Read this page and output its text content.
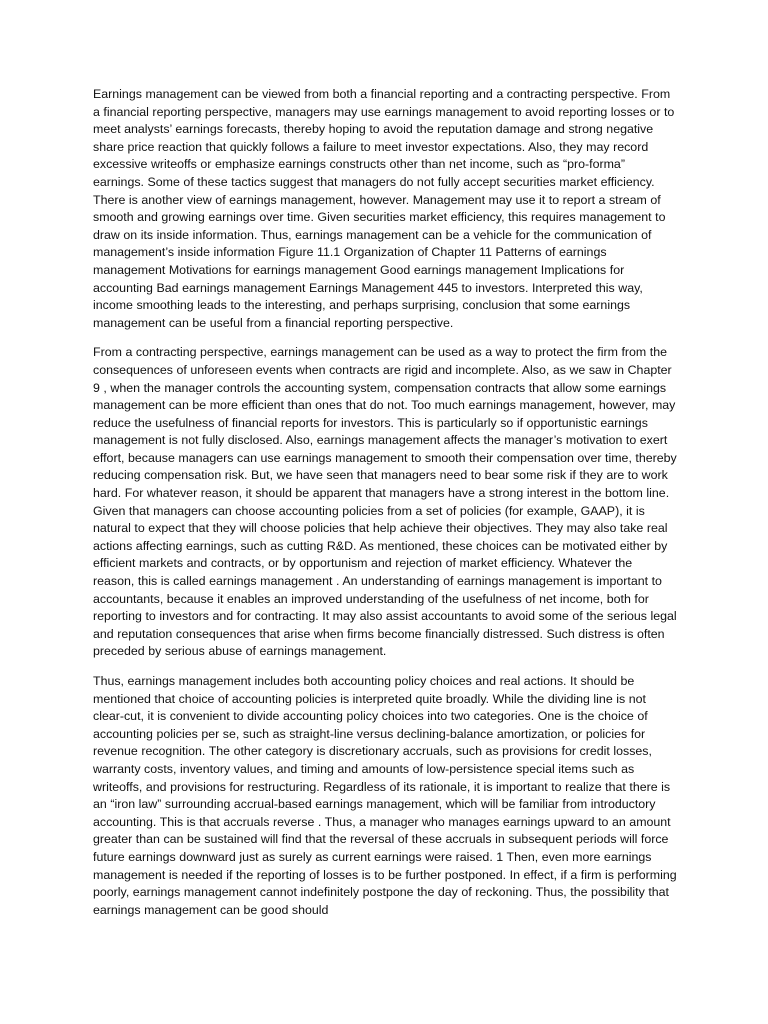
Earnings management can be viewed from both a financial reporting and a contracting perspective. From a financial reporting perspective, managers may use earnings management to avoid reporting losses or to meet analysts’ earnings forecasts, thereby hoping to avoid the reputation damage and strong negative share price reaction that quickly follows a failure to meet investor expectations. Also, they may record excessive writeoffs or emphasize earnings constructs other than net income, such as “pro-forma” earnings. Some of these tactics suggest that managers do not fully accept securities market efficiency. There is another view of earnings management, however. Management may use it to report a stream of smooth and growing earnings over time. Given securities market efficiency, this requires management to draw on its inside information. Thus, earnings management can be a vehicle for the communication of management’s inside information Figure 11.1 Organization of Chapter 11 Patterns of earnings management Motivations for earnings management Good earnings management Implications for accounting Bad earnings management Earnings Management 445 to investors. Interpreted this way, income smoothing leads to the interesting, and perhaps surprising, conclusion that some earnings management can be useful from a financial reporting perspective.

From a contracting perspective, earnings management can be used as a way to protect the firm from the consequences of unforeseen events when contracts are rigid and incomplete. Also, as we saw in Chapter 9 , when the manager controls the accounting system, compensation contracts that allow some earnings management can be more efficient than ones that do not. Too much earnings management, however, may reduce the usefulness of financial reports for investors. This is particularly so if opportunistic earnings management is not fully disclosed. Also, earnings management affects the manager’s motivation to exert effort, because managers can use earnings management to smooth their compensation over time, thereby reducing compensation risk. But, we have seen that managers need to bear some risk if they are to work hard. For whatever reason, it should be apparent that managers have a strong interest in the bottom line. Given that managers can choose accounting policies from a set of policies (for example, GAAP), it is natural to expect that they will choose policies that help achieve their objectives. They may also take real actions affecting earnings, such as cutting R&D. As mentioned, these choices can be motivated either by efficient markets and contracts, or by opportunism and rejection of market efficiency. Whatever the reason, this is called earnings management . An understanding of earnings management is important to accountants, because it enables an improved understanding of the usefulness of net income, both for reporting to investors and for contracting. It may also assist accountants to avoid some of the serious legal and reputation consequences that arise when firms become financially distressed. Such distress is often preceded by serious abuse of earnings management.

Thus, earnings management includes both accounting policy choices and real actions. It should be mentioned that choice of accounting policies is interpreted quite broadly. While the dividing line is not clear-cut, it is convenient to divide accounting policy choices into two categories. One is the choice of accounting policies per se, such as straight-line versus declining-balance amortization, or policies for revenue recognition. The other category is discretionary accruals, such as provisions for credit losses, warranty costs, inventory values, and timing and amounts of low-persistence special items such as writeoffs, and provisions for restructuring. Regardless of its rationale, it is important to realize that there is an “iron law” surrounding accrual-based earnings management, which will be familiar from introductory accounting. This is that accruals reverse . Thus, a manager who manages earnings upward to an amount greater than can be sustained will find that the reversal of these accruals in subsequent periods will force future earnings downward just as surely as current earnings were raised. 1 Then, even more earnings management is needed if the reporting of losses is to be further postponed. In effect, if a firm is performing poorly, earnings management cannot indefinitely postpone the day of reckoning. Thus, the possibility that earnings management can be good should
